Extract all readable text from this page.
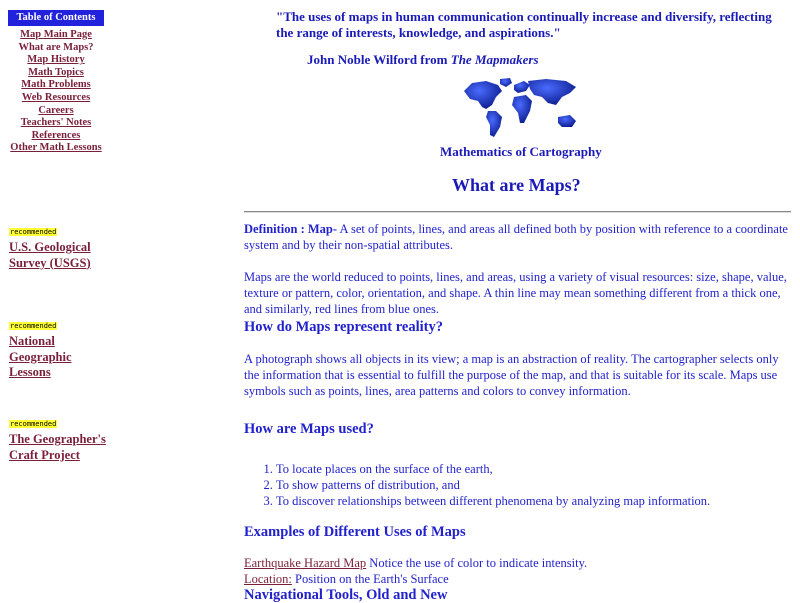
Table of Contents
Map Main Page
What are Maps?
Map History
Math Topics
Math Problems
Web Resources
Careers
Teachers' Notes
References
Other Math Lessons
recommended
U.S. Geological
Survey (USGS)
recommended
National
Geographic
Lessons
recommended
The Geographer's
Craft Project
"The uses of maps in human communication continually increase and diversify, reflecting
the range of interests, knowledge, and aspirations."
John Noble Wilford from The Mapmakers
Mathematics of Cartography
What are Maps?

Definition : Map- A set of points, lines, and areas all defined both by position with reference to a coordinate system and by their non-spatial attributes.

Maps are the world reduced to points, lines, and areas, using a variety of visual resources: size, shape, value, texture or pattern, color, orientation, and shape. A thin line may mean something different from a thick one, and similarly, red lines from blue ones.

How do Maps represent reality?

A photograph shows all objects in its view; a map is an abstraction of reality. The cartographer selects only the information that is essential to fulfill the purpose of the map, and that is suitable for its scale. Maps use symbols such as points, lines, area patterns and colors to convey information.

How are Maps used?
1. To locate places on the surface of the earth,
2. To show patterns of distribution, and
3. To discover relationships between different phenomena by analyzing map information.
Examples of Different Uses of Maps

Earthquake Hazard Map Notice the use of color to indicate intensity.

Location: Position on the Earth's Surface

Navigational Tools, Old and New
